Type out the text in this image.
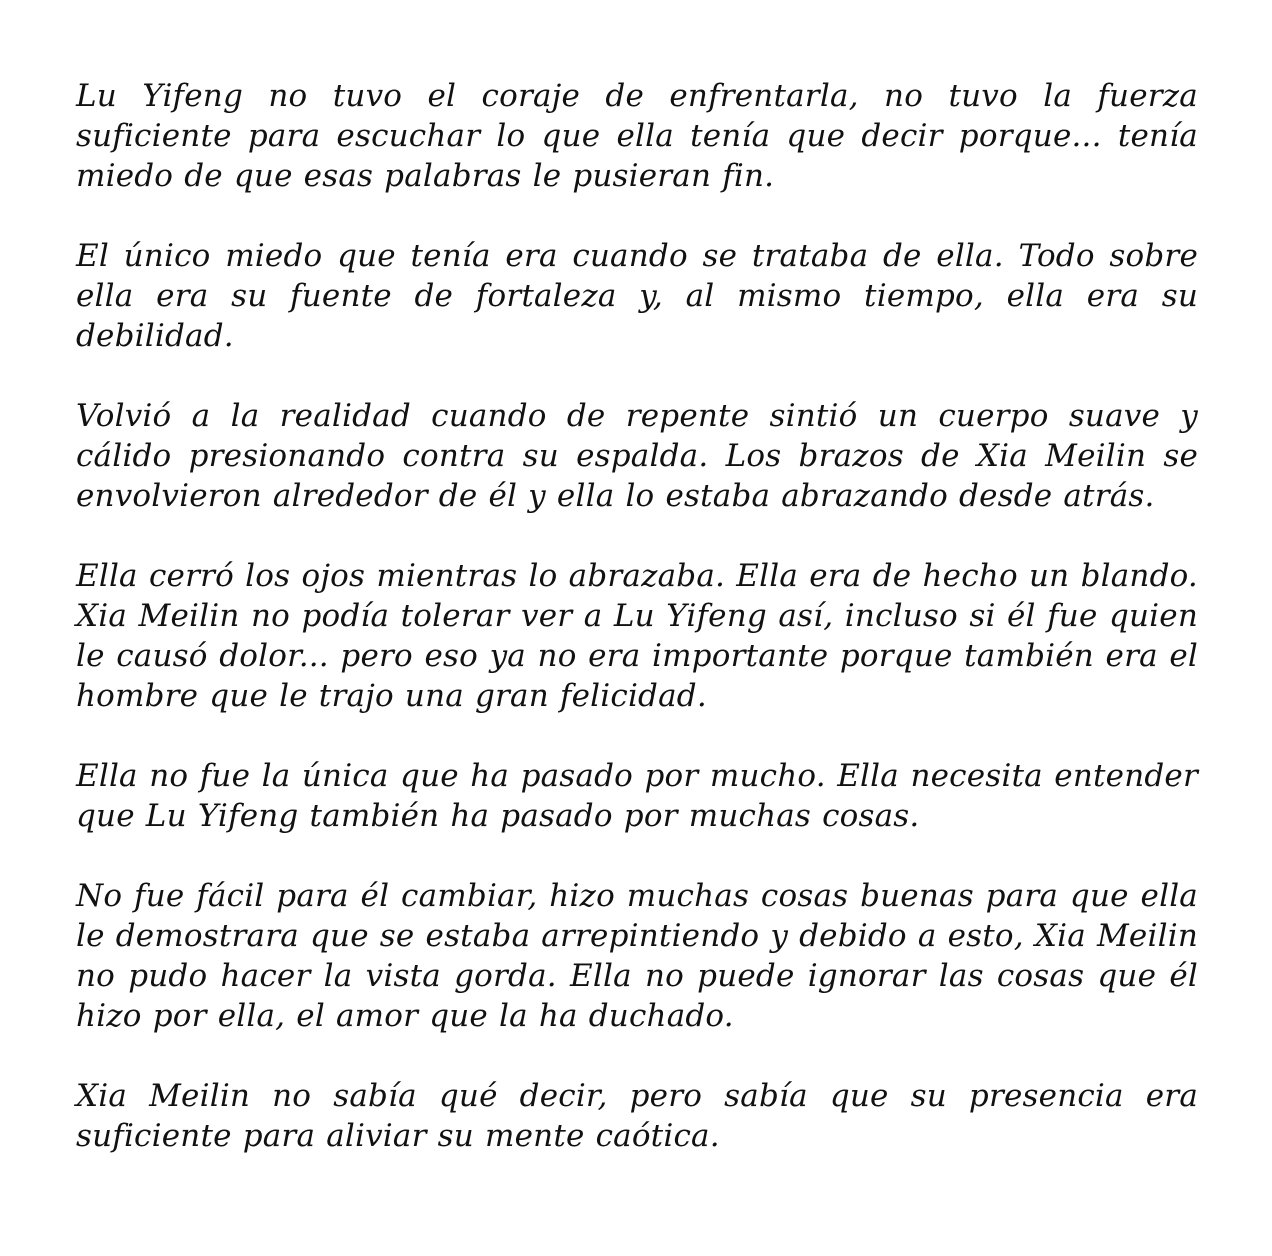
Lu Yifeng no tuvo el coraje de enfrentarla, no tuvo la fuerza suficiente para escuchar lo que ella tenía que decir porque... tenía miedo de que esas palabras le pusieran fin.

El único miedo que tenía era cuando se trataba de ella. Todo sobre ella era su fuente de fortaleza y, al mismo tiempo, ella era su debilidad.

Volvió a la realidad cuando de repente sintió un cuerpo suave y cálido presionando contra su espalda. Los brazos de Xia Meilin se envolvieron alrededor de él y ella lo estaba abrazando desde atrás.

Ella cerró los ojos mientras lo abrazaba. Ella era de hecho un blando. Xia Meilin no podía tolerar ver a Lu Yifeng así, incluso si él fue quien le causó dolor... pero eso ya no era importante porque también era el hombre que le trajo una gran felicidad.

Ella no fue la única que ha pasado por mucho. Ella necesita entender que Lu Yifeng también ha pasado por muchas cosas.

No fue fácil para él cambiar, hizo muchas cosas buenas para que ella le demostrara que se estaba arrepintiendo y debido a esto, Xia Meilin no pudo hacer la vista gorda. Ella no puede ignorar las cosas que él hizo por ella, el amor que la ha duchado.

Xia Meilin no sabía qué decir, pero sabía que su presencia era suficiente para aliviar su mente caótica.
